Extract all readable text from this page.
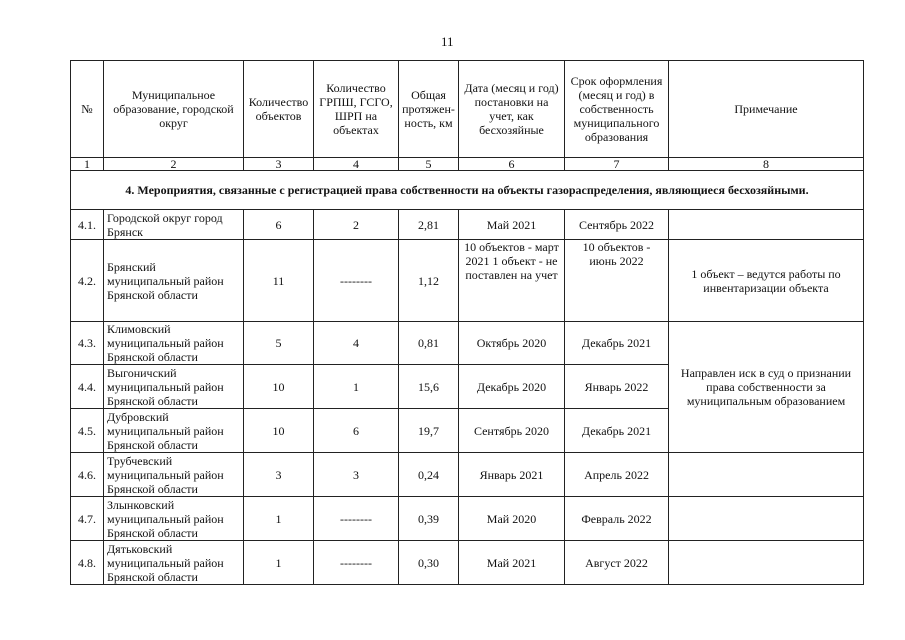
11
№	Муниципальное образование, городской округ	Количество объектов	Количество ГРПШ, ГСГО, ШРП на объектах	Общая протяжен-ность, км	Дата (месяц и год) постановки на учет, как бесхозяйные	Срок оформления (месяц и год) в собственность муниципального образования	Примечание
1	2	3	4	5	6	7	8
4. Мероприятия, связанные с регистрацией права собственности на объекты газораспределения, являющиеся бесхозяйными.							
4.1.	Городской округ город Брянск	6	2	2,81	Май 2021	Сентябрь 2022	
4.2.	Брянский муниципальный район Брянской области	11	--------	1,12	10 объектов - март 2021 1 объект - не поставлен на учет	10 объектов - июнь 2022	1 объект – ведутся работы по инвентаризации объекта
4.3.	Климовский муниципальный район Брянской области	5	4	0,81	Октябрь 2020	Декабрь 2021	Направлен иск в суд о признании права собственности за муниципальным образованием
4.4.	Выгоничский муниципальный район Брянской области	10	1	15,6	Декабрь 2020	Январь 2022	
4.5.	Дубровский муниципальный район Брянской области	10	6	19,7	Сентябрь 2020	Декабрь 2021	
4.6.	Трубчевский муниципальный район Брянской области	3	3	0,24	Январь 2021	Апрель 2022	
4.7.	Злынковский муниципальный район Брянской области	1	--------	0,39	Май 2020	Февраль 2022	
4.8.	Дятьковский муниципальный район Брянской области	1	--------	0,30	Май 2021	Август 2022	
